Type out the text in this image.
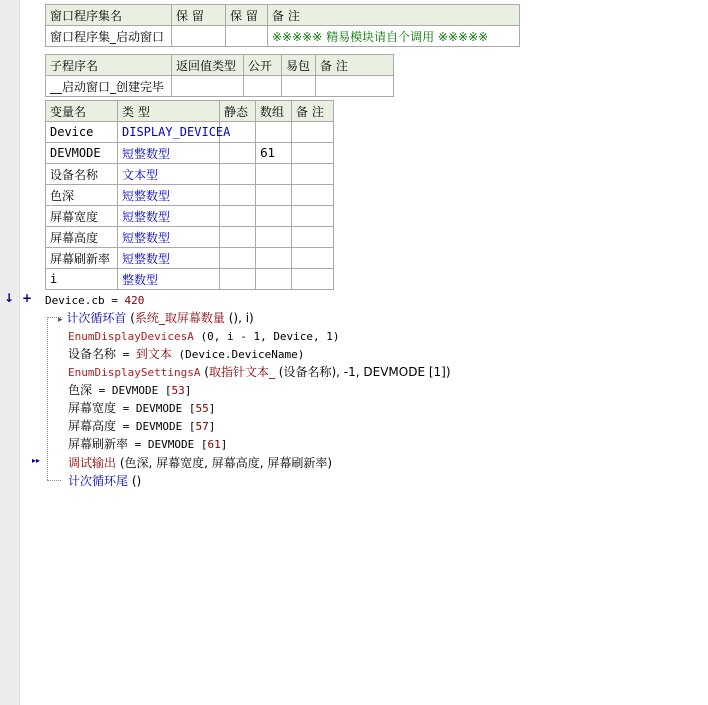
窗口程序集名	保 留	保 留	备 注
窗口程序集_启动窗口			※※※※※ 精易模块请自个调用 ※※※※※
子程序名	返回值类型	公开	易包	备 注
__启动窗口_创建完毕				
变量名	类 型	静态	数组	备 注
Device	DISPLAY_DEVICEA			
DEVMODE	短整数型		61	
设备名称	文本型			
色深	短整数型			
屏幕宽度	短整数型			
屏幕高度	短整数型			
屏幕刷新率	短整数型			
i	整数型			
↓ +
▸▸
Device.cb = 420
▸ 计次循环首 (系统_取屏幕数量 (), i)
EnumDisplayDevicesA (0, i - 1, Device, 1)
设备名称 = 到文本 (Device.DeviceName)
EnumDisplaySettingsA (取指针文本_ (设备名称), -1, DEVMODE [1])
色深 = DEVMODE [53]
屏幕宽度 = DEVMODE [55]
屏幕高度 = DEVMODE [57]
屏幕刷新率 = DEVMODE [61]
调试输出 (色深, 屏幕宽度, 屏幕高度, 屏幕刷新率)
计次循环尾 ()
